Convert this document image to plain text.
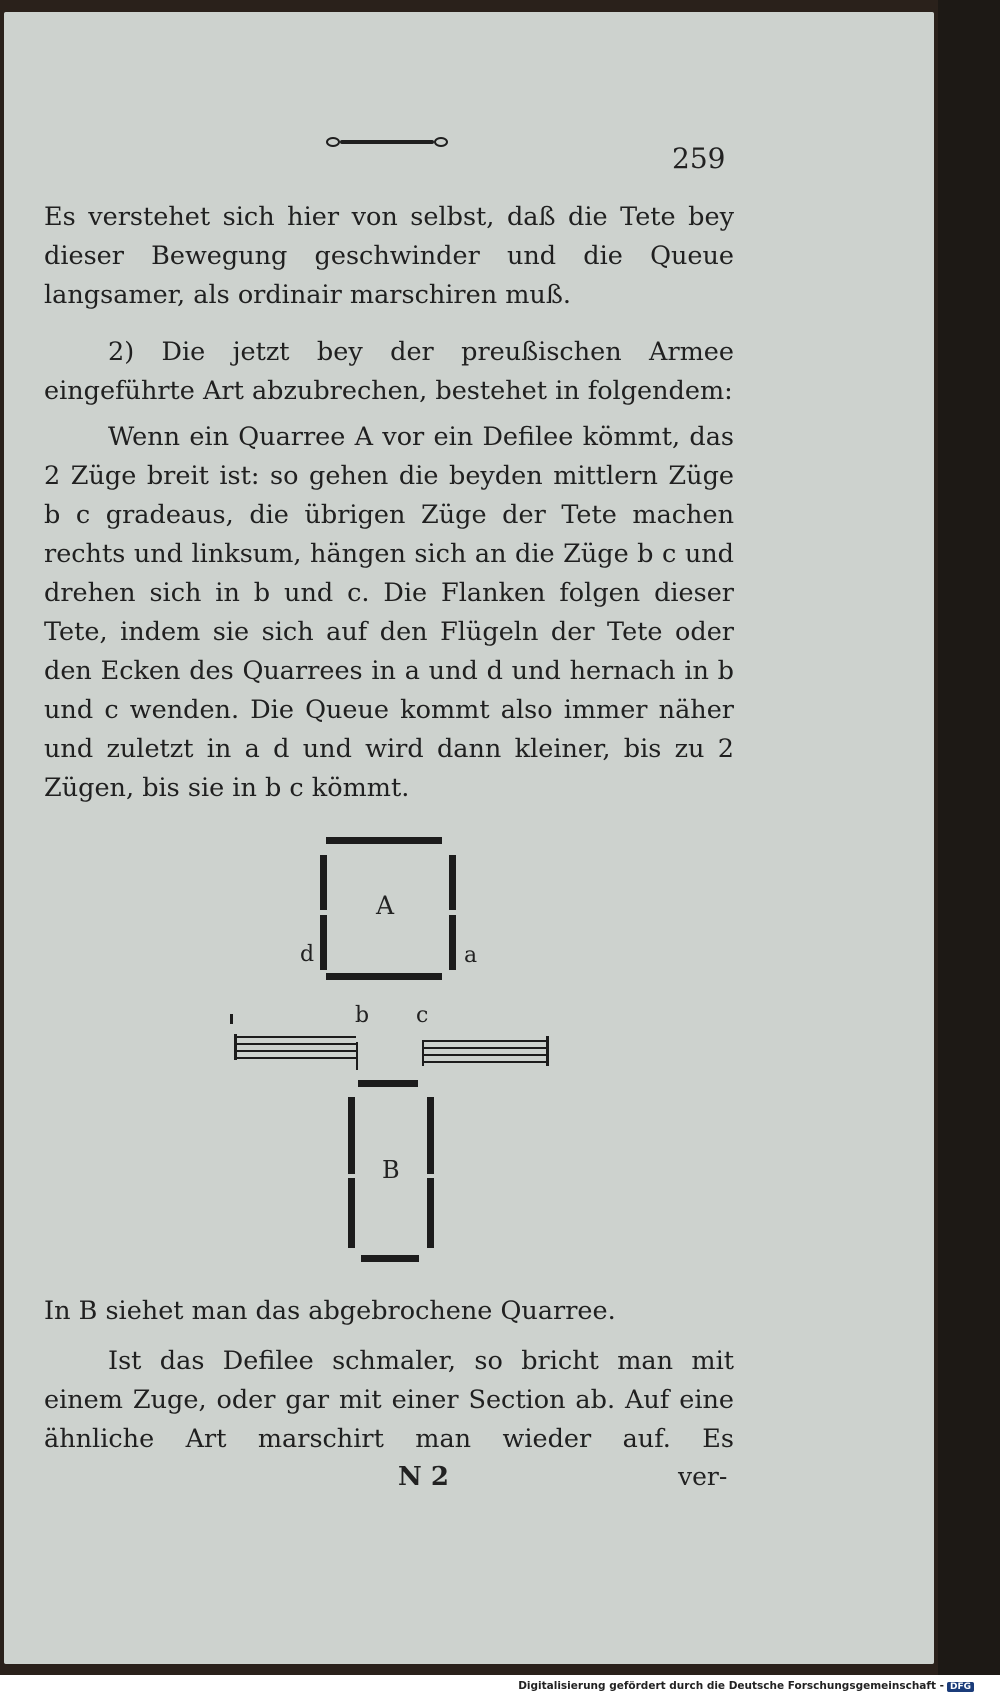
259
Es verstehet sich hier von selbst, daß die Tete bey dieser Bewegung geschwinder und die Queue langsamer, als ordinair marschiren muß.
2) Die jetzt bey der preußischen Armee eingeführte Art abzubrechen, bestehet in folgendem:
Wenn ein Quarree A vor ein Defilee kömmt, das 2 Züge breit ist: so gehen die beyden mittlern Züge b c gradeaus, die übrigen Züge der Tete machen rechts und linksum, hängen sich an die Züge b c und drehen sich in b und c. Die Flanken folgen dieser Tete, indem sie sich auf den Flügeln der Tete oder den Ecken des Quarrees in a und d und hernach in b und c wenden. Die Queue kommt also immer näher und zuletzt in a d und wird dann kleiner, bis zu 2 Zügen, bis sie in b c kömmt.
A
d	a
b c
B
In B siehet man das abgebrochene Quarree.
Ist das Defilee schmaler, so bricht man mit einem Zuge, oder gar mit einer Section ab. Auf eine ähnliche Art marschirt man wieder auf. Es
N 2	ver-
Digitalisierung gefördert durch die Deutsche Forschungsgemeinschaft - DFG
